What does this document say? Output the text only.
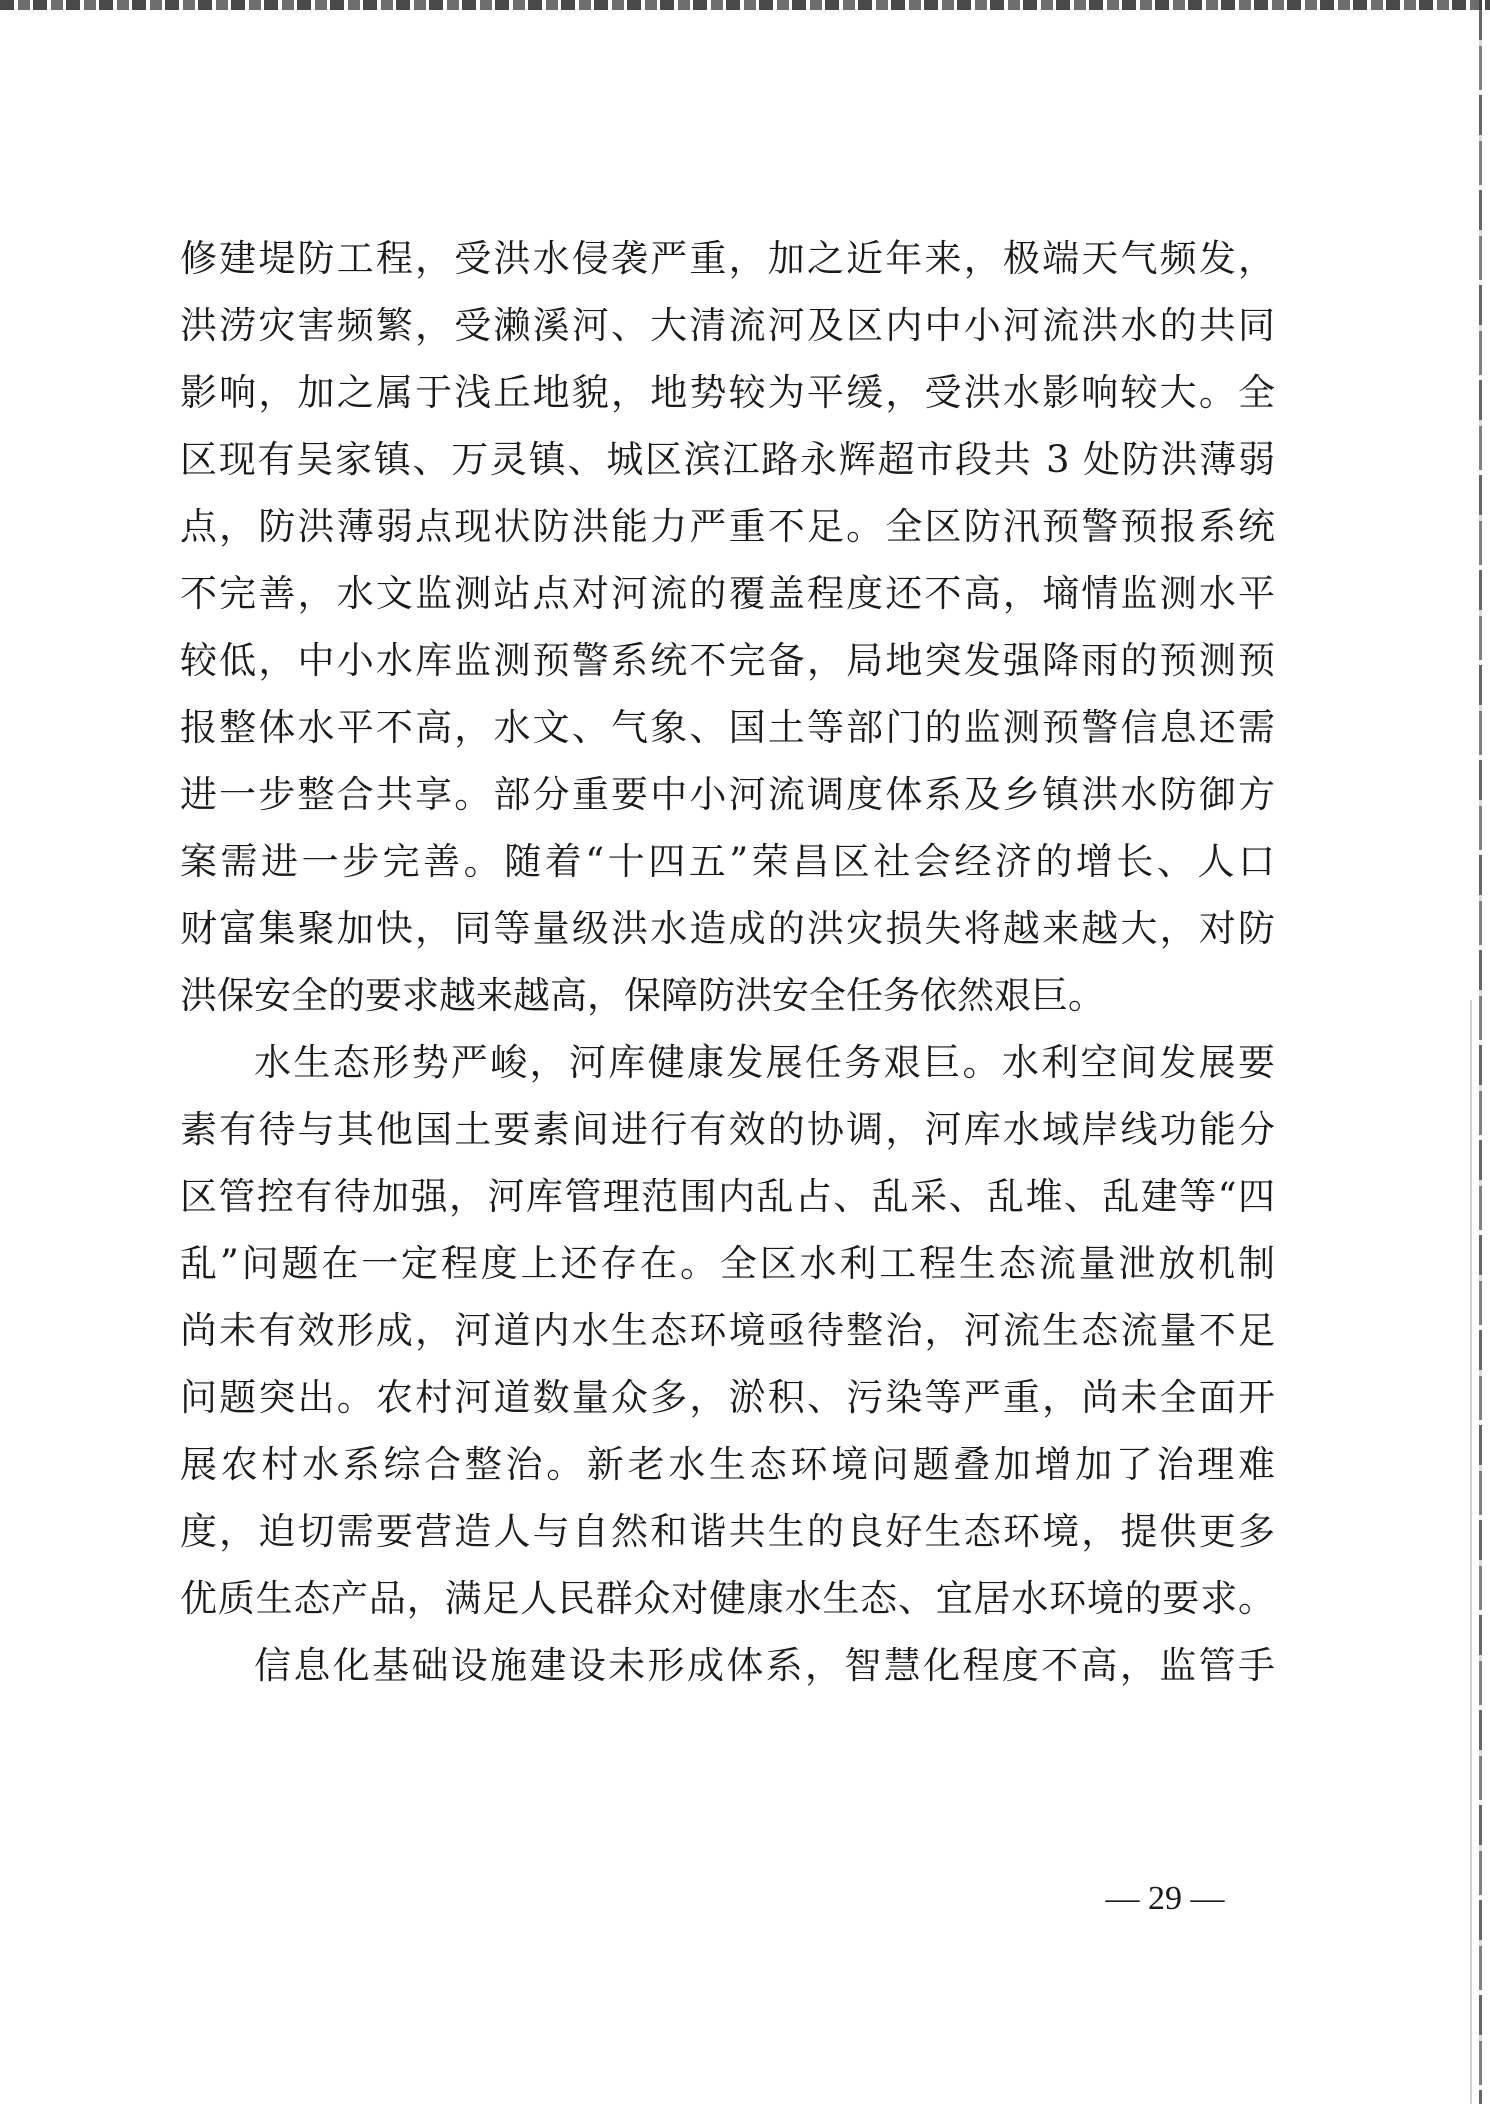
修建堤防工程，受洪水侵袭严重，加之近年来，极端天气频发，
洪涝灾害频繁，受濑溪河、大清流河及区内中小河流洪水的共同
影响，加之属于浅丘地貌，地势较为平缓，受洪水影响较大。全
区现有吴家镇、万灵镇、城区滨江路永辉超市段共 3 处防洪薄弱
点，防洪薄弱点现状防洪能力严重不足。全区防汛预警预报系统
不完善，水文监测站点对河流的覆盖程度还不高，墒情监测水平
较低，中小水库监测预警系统不完备，局地突发强降雨的预测预
报整体水平不高，水文、气象、国土等部门的监测预警信息还需
进一步整合共享。部分重要中小河流调度体系及乡镇洪水防御方
案需进一步完善。随着“十四五”荣昌区社会经济的增长、人口
财富集聚加快，同等量级洪水造成的洪灾损失将越来越大，对防
洪保安全的要求越来越高，保障防洪安全任务依然艰巨。
水生态形势严峻，河库健康发展任务艰巨。水利空间发展要
素有待与其他国土要素间进行有效的协调，河库水域岸线功能分
区管控有待加强，河库管理范围内乱占、乱采、乱堆、乱建等“四
乱”问题在一定程度上还存在。全区水利工程生态流量泄放机制
尚未有效形成，河道内水生态环境亟待整治，河流生态流量不足
问题突出。农村河道数量众多，淤积、污染等严重，尚未全面开
展农村水系综合整治。新老水生态环境问题叠加增加了治理难
度，迫切需要营造人与自然和谐共生的良好生态环境，提供更多
优质生态产品，满足人民群众对健康水生态、宜居水环境的要求。
信息化基础设施建设未形成体系，智慧化程度不高，监管手
— 29 —
